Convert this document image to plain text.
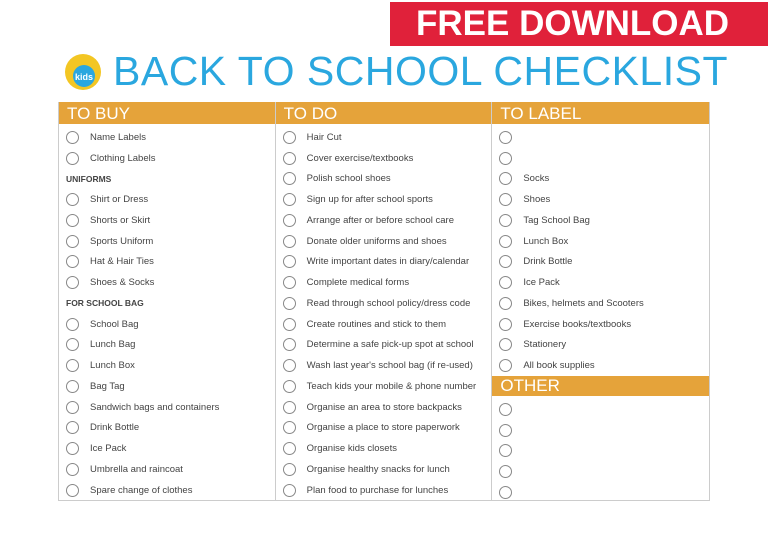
kids BACK TO SCHOOL CHECKLIST
TO BUY
Name Labels
Clothing Labels
UNIFORMS
Shirt or Dress
Shorts or Skirt
Sports Uniform
Hat & Hair Ties
Shoes & Socks
FOR SCHOOL BAG
School Bag
Lunch Bag
Lunch Box
Bag Tag
Sandwich bags and containers
Drink Bottle
Ice Pack
Umbrella and raincoat
Spare change of clothes
TO DO
Hair Cut
Cover exercise/textbooks
Polish school shoes
Sign up for after school sports
Arrange after or before school care
Donate older uniforms and shoes
Write important dates in diary/calendar
Complete medical forms
Read through school policy/dress code
Create routines and stick to them
Determine a safe pick-up spot at school
Wash last year's school bag (if re-used)
Teach kids your mobile & phone number
Organise an area to store backpacks
Organise a place to store paperwork
Organise kids closets
Organise healthy snacks for lunch
Plan food to purchase for lunches
TO LABEL
Socks
Shoes
Tag School Bag
Lunch Box
Drink Bottle
Ice Pack
Bikes, helmets and Scooters
Exercise books/textbooks
Stationery
All book supplies
OTHER
FREE DOWNLOAD
